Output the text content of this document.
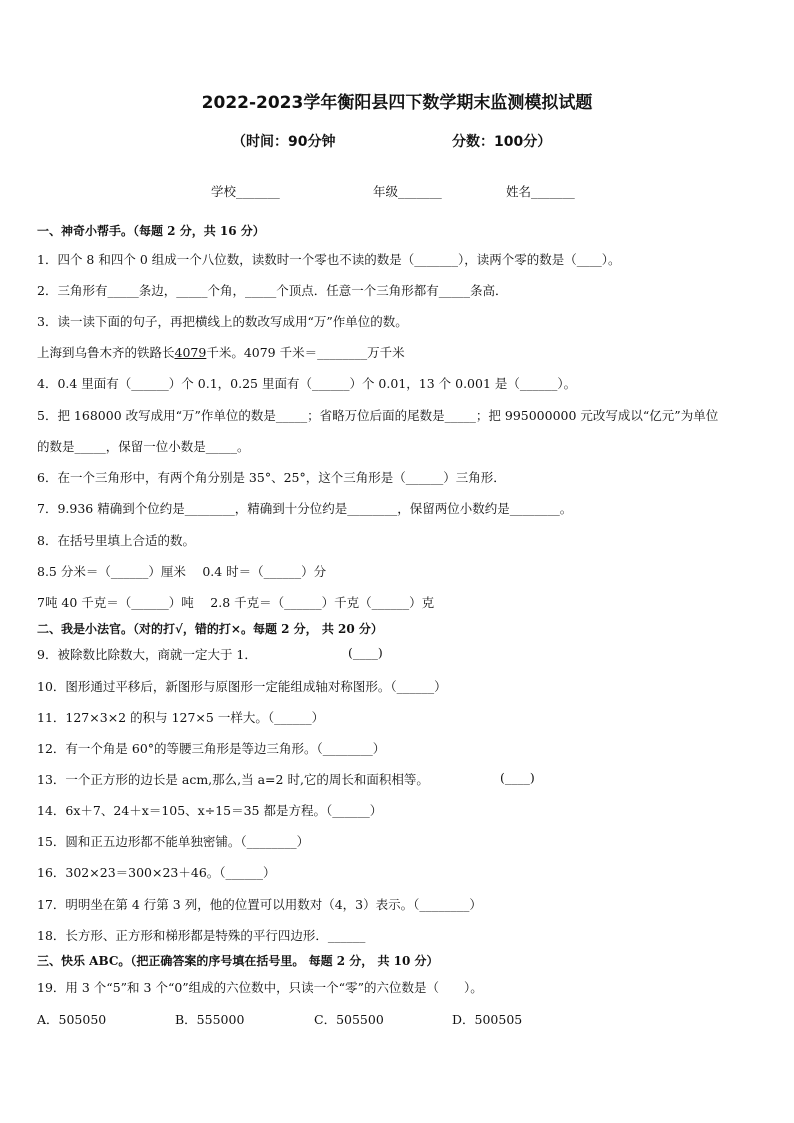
2022-2023学年衡阳县四下数学期末监测模拟试题
（时间：90分钟	分数：100分）
学校_______	年级_______	姓名_______
一、神奇小帮手。（每题 2 分，共 16 分）
1．四个 8 和四个 0 组成一个八位数，读数时一个零也不读的数是（_______），读两个零的数是（____）。
2．三角形有_____条边，_____个角，_____个顶点．任意一个三角形都有_____条高．
3．读一读下面的句子，再把横线上的数改写成用“万”作单位的数。
上海到乌鲁木齐的铁路长4079千米。4079 千米＝________万千米
4．0.4 里面有（______）个 0.1，0.25 里面有（______）个 0.01，13 个 0.001 是（______）。
5．把 168000 改写成用“万”作单位的数是_____；省略万位后面的尾数是_____；把 995000000 元改写成以“亿元”为单位
的数是_____，保留一位小数是_____。
6．在一个三角形中，有两个角分别是 35°、25°，这个三角形是（______）三角形．
7．9.936 精确到个位约是________，精确到十分位约是________，保留两位小数约是________。
8．在括号里填上合适的数。
8.5 分米＝（______）厘米　 0.4 时＝（______）分
7吨 40 千克＝（______）吨　 2.8 千克＝（______）千克（______）克
二、我是小法官。（对的打√，错的打×。每题 2 分， 共 20 分）
9．被除数比除数大，商就一定大于 1．	(____)
10．图形通过平移后，新图形与原图形一定能组成轴对称图形。（______）
11．127×3×2 的积与 127×5 一样大。（______）
12．有一个角是 60°的等腰三角形是等边三角形。（________）
13．一个正方形的边长是 acm,那么,当 a=2 时,它的周长和面积相等。	(____)
14．6x＋7、24＋x＝105、x÷15＝35 都是方程。（______）
15．圆和正五边形都不能单独密铺。（________）
16．302×23＝300×23＋46。（______）
17．明明坐在第 4 行第 3 列，他的位置可以用数对（4，3）表示。（________）
18．长方形、正方形和梯形都是特殊的平行四边形．______
三、快乐 ABC。（把正确答案的序号填在括号里。 每题 2 分， 共 10 分）
19．用 3 个“5”和 3 个“0”组成的六位数中，只读一个“零”的六位数是（　　）。
A．505050	B．555000	C．505500	D．500505
